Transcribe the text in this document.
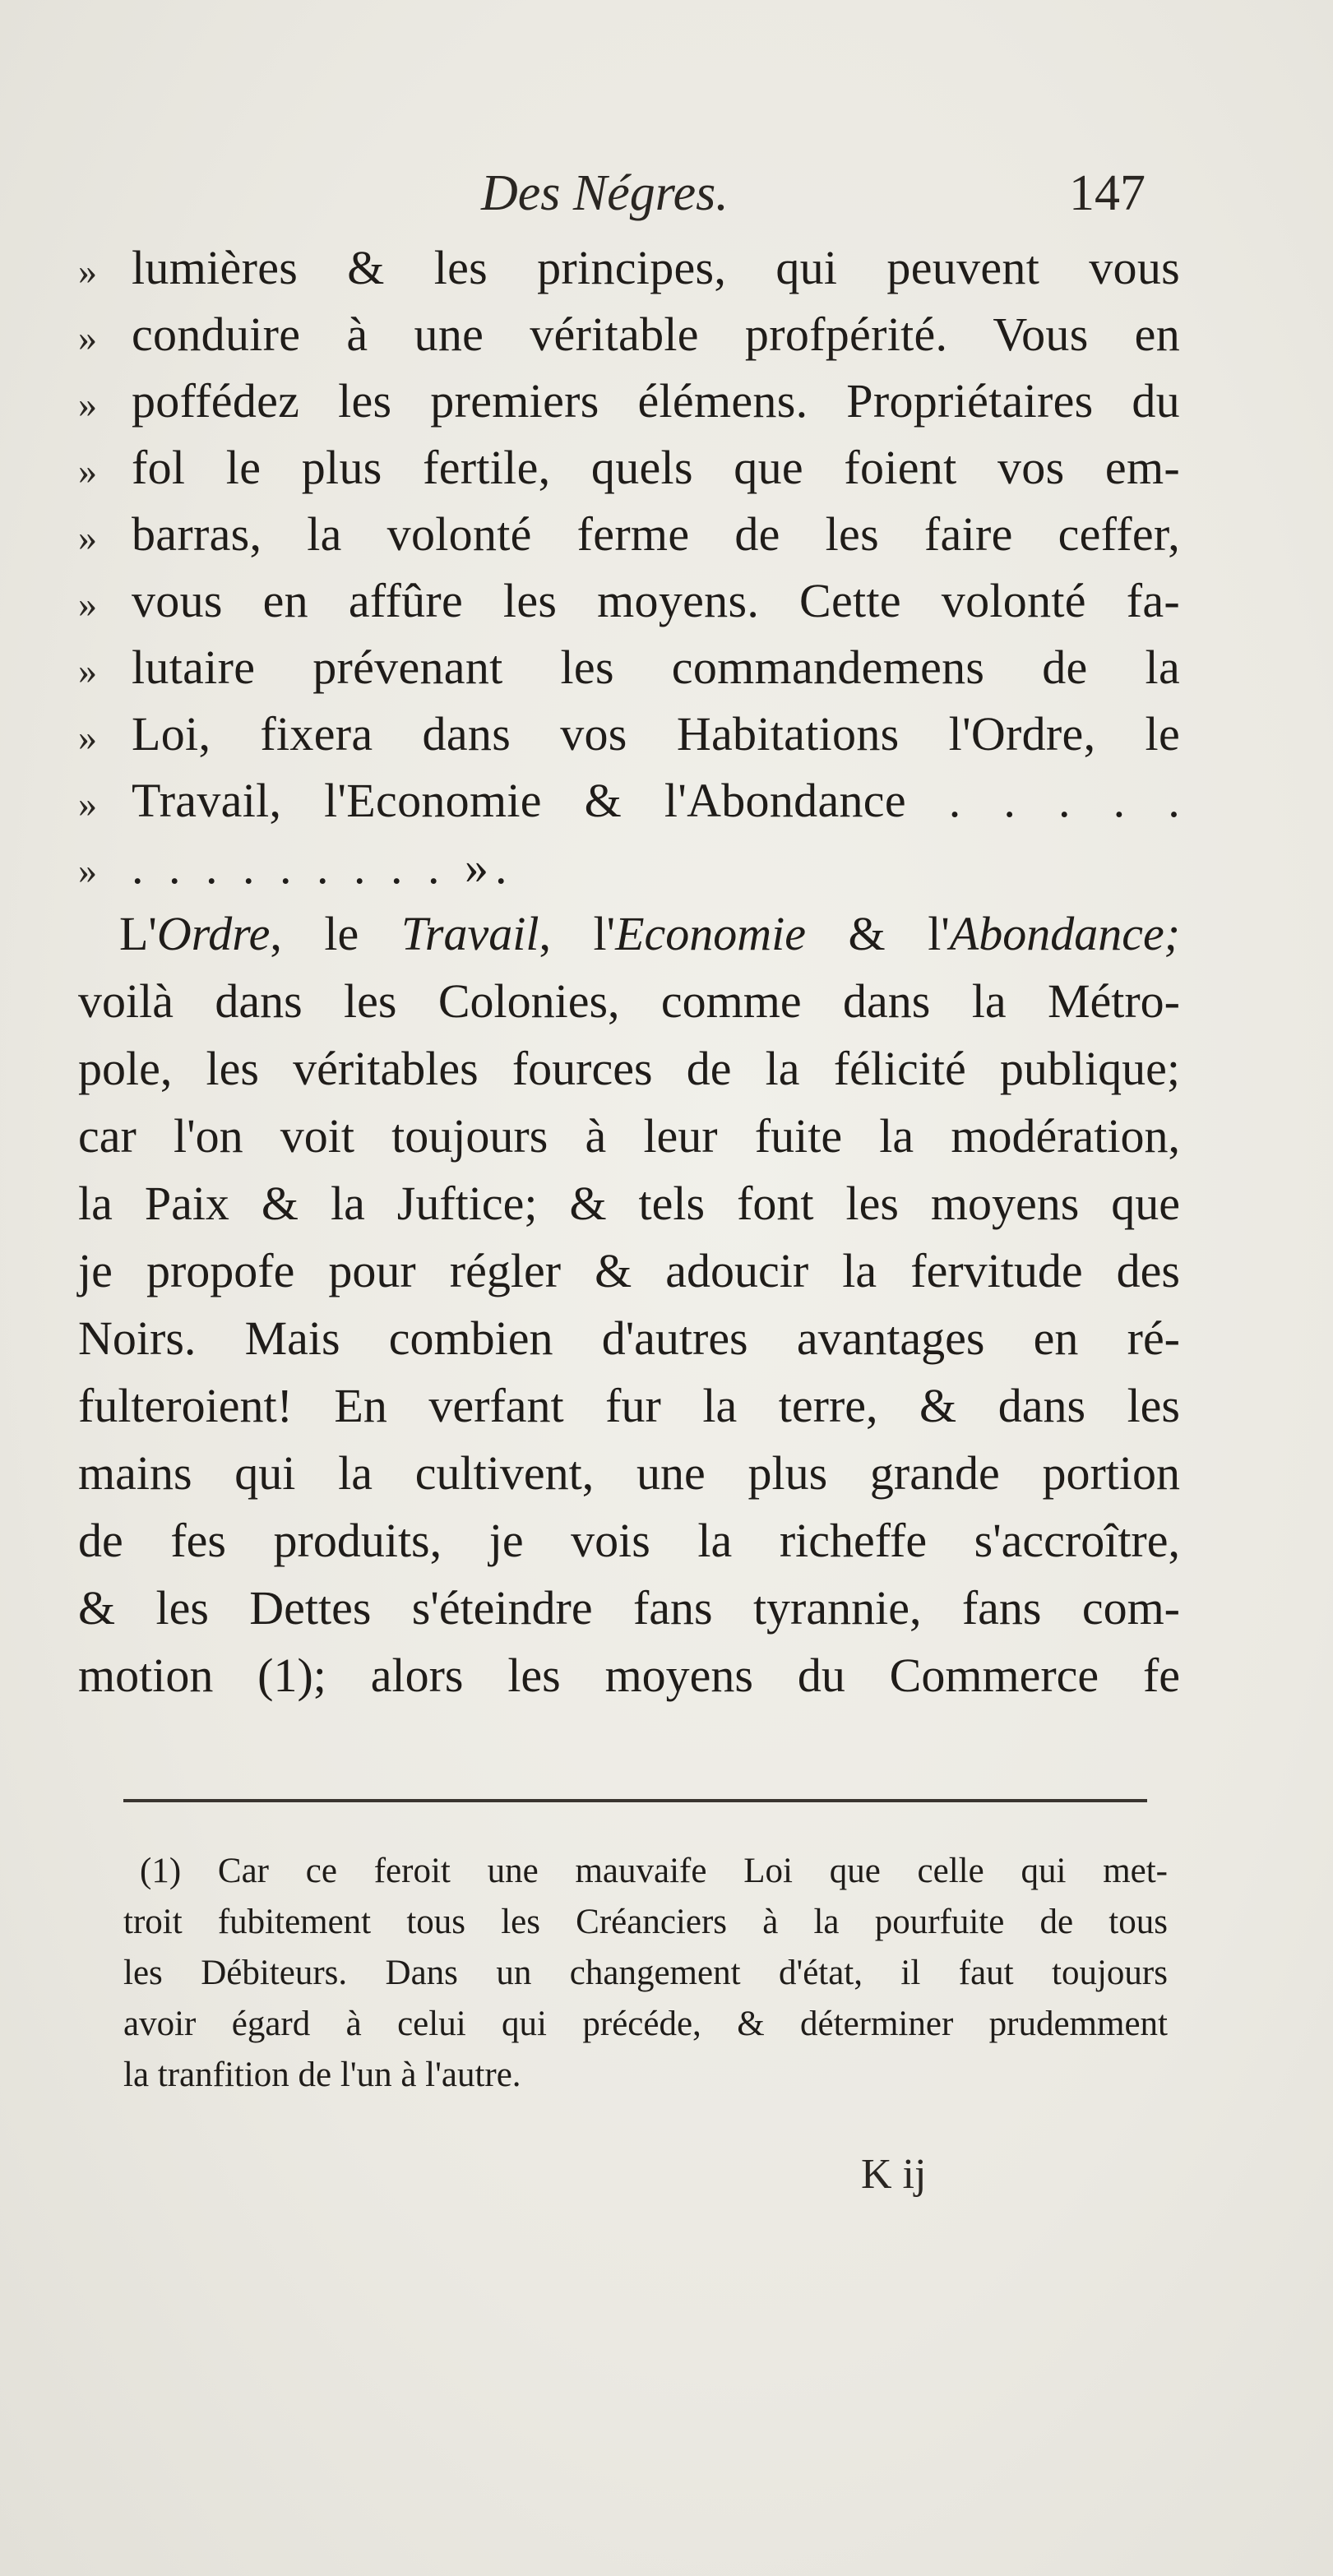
Des Négres.	147
» lumières & les principes, qui peuvent vous
» conduire à une véritable profpérité. Vous en
» poffédez les premiers élémens. Propriétaires du
» fol le plus fertile, quels que foient vos em-
» barras, la volonté ferme de les faire ceffer,
» vous en affûre les moyens. Cette volonté fa-
» lutaire prévenant les commandemens de la
» Loi, fixera dans vos Habitations l'Ordre, le
» Travail, l'Economie & l'Abondance . . . . .
» . . . . . . . . . ».
L'Ordre, le Travail, l'Economie & l'Abondance;
voilà dans les Colonies, comme dans la Métro-
pole, les véritables fources de la félicité publique;
car l'on voit toujours à leur fuite la modération,
la Paix & la Juftice; & tels font les moyens que
je propofe pour régler & adoucir la fervitude des
Noirs. Mais combien d'autres avantages en ré-
fulteroient! En verfant fur la terre, & dans les
mains qui la cultivent, une plus grande portion
de fes produits, je vois la richeffe s'accroître,
& les Dettes s'éteindre fans tyrannie, fans com-
motion (1); alors les moyens du Commerce fe
(1) Car ce feroit une mauvaife Loi que celle qui met-
troit fubitement tous les Créanciers à la pourfuite de tous
les Débiteurs. Dans un changement d'état, il faut toujours
avoir égard à celui qui précéde, & déterminer prudemment
la tranfition de l'un à l'autre.
K ij
